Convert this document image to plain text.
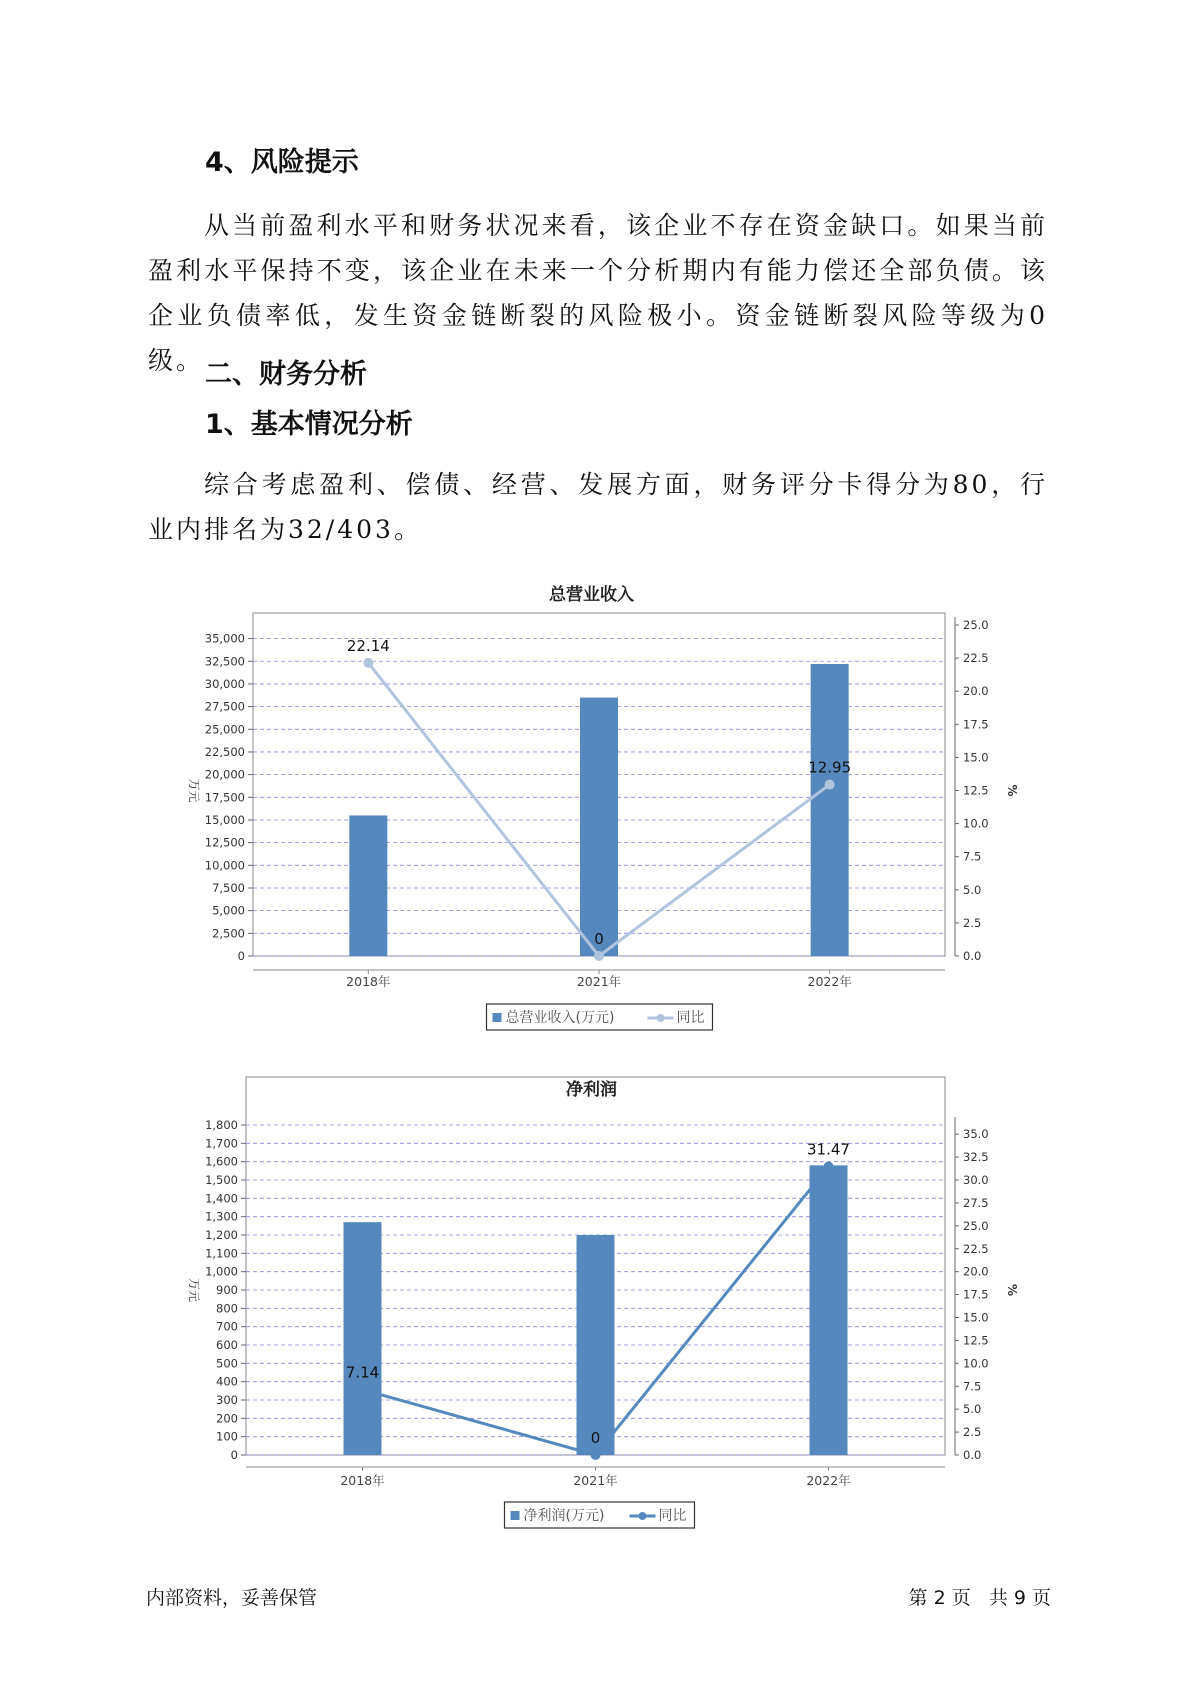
4、风险提示

从当前盈利水平和财务状况来看，该企业不存在资金缺口。如果当前盈利水平保持不变，该企业在未来一个分析期内有能力偿还全部负债。该企业负债率低，发生资金链断裂的风险极小。资金链断裂风险等级为0级。 二、财务分析
1、基本情况分析

综合考虑盈利、偿债、经营、发展方面，财务评分卡得分为80，行业内排名为32/403。

总营业收入
0
2,500
5,000
7,500
10,000
12,500
15,000
17,500
20,000
22,500
25,000
27,500
30,000
32,500
35,000
0.0
2.5
5.0
7.5
10.0
12.5
15.0
17.5
20.0
22.5
25.0
万元	%
2018年	2021年	2022年
22.14
0
12.95
总营业收入(万元)	同比
净利润
0
100
200
300
400
500
600
700
800
900
1,000
1,100
1,200
1,300
1,400
1,500
1,600
1,700
1,800
0.0
2.5
5.0
7.5
10.0
12.5
15.0
17.5
20.0
22.5
25.0
27.5
30.0
32.5
35.0
万元	%
2018年	2021年	2022年
7.14
0
31.47
净利润(万元)	同比
内部资料，妥善保管	第 2 页   共 9 页
